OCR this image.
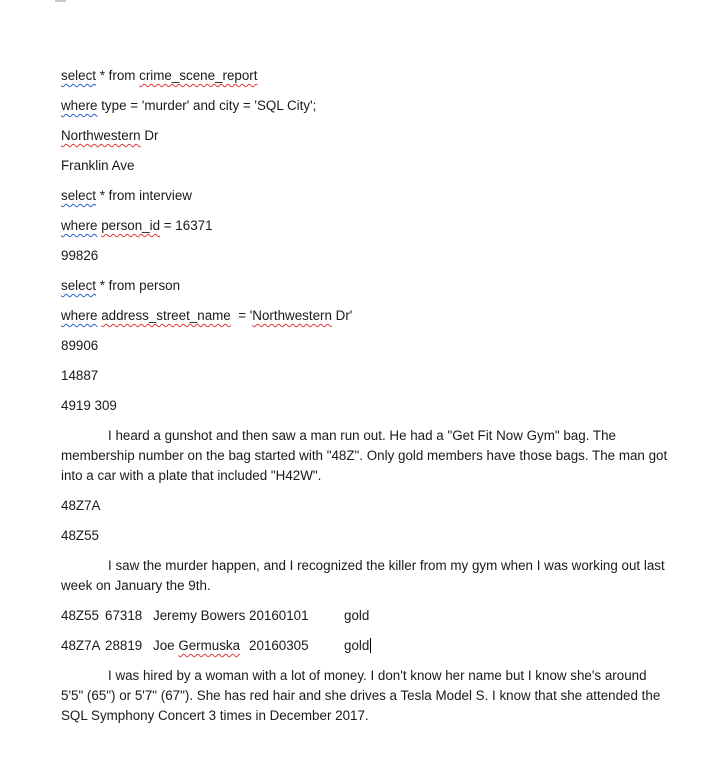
select * from crime_scene_report

where type = 'murder' and city = 'SQL City';

Northwestern Dr

Franklin Ave

select * from interview

where person_id = 16371

99826

select * from person

where address_street_name  = 'Northwestern Dr'

89906

14887

4919 309

I heard a gunshot and then saw a man run out. He had a "Get Fit Now Gym" bag. The membership number on the bag started with "48Z". Only gold members have those bags. The man got into a car with a plate that included "H42W".

48Z7A

48Z55

I saw the murder happen, and I recognized the killer from my gym when I was working out last week on January the 9th.

48Z55 67318 Jeremy Bowers 20160101	gold

48Z7A 28819 Joe Germuska 20160305	gold

I was hired by a woman with a lot of money. I don't know her name but I know she's around 5'5" (65") or 5'7" (67"). She has red hair and she drives a Tesla Model S. I know that she attended the SQL Symphony Concert 3 times in December 2017.
